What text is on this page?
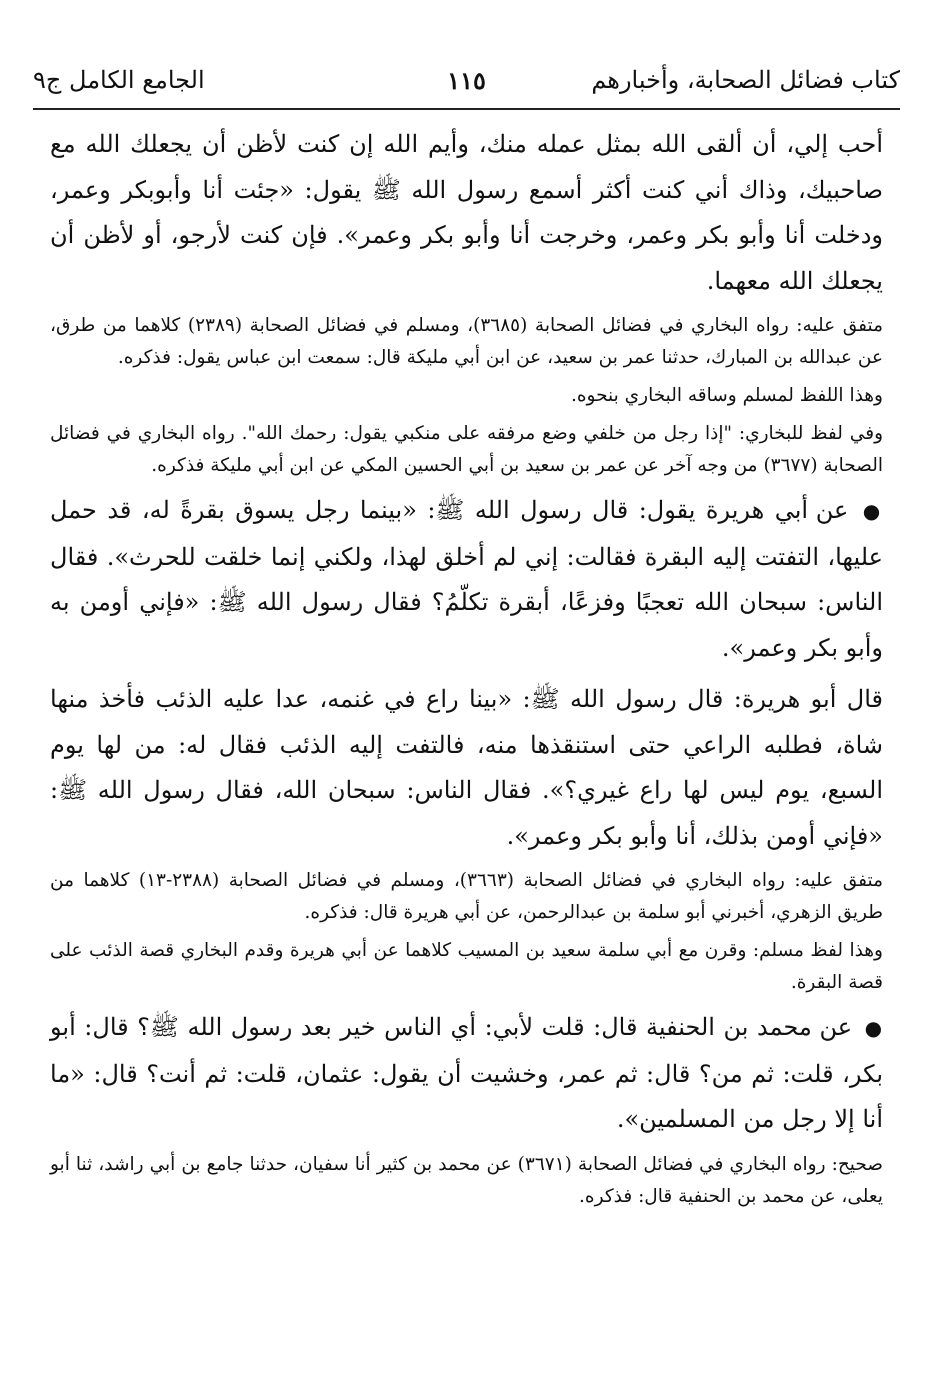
كتاب فضائل الصحابة، وأخبارهم
١١٥
الجامع الكامل ج٩

أحب إلي، أن ألقى الله بمثل عمله منك، وأيم الله إن كنت لأظن أن يجعلك الله مع صاحبيك، وذاك أني كنت أكثر أسمع رسول الله ﷺ يقول: «جئت أنا وأبوبكر وعمر، ودخلت أنا وأبو بكر وعمر، وخرجت أنا وأبو بكر وعمر». فإن كنت لأرجو، أو لأظن أن يجعلك الله معهما.

متفق عليه: رواه البخاري في فضائل الصحابة (٣٦٨٥)، ومسلم في فضائل الصحابة (٢٣٨٩) كلاهما من طرق، عن عبدالله بن المبارك، حدثنا عمر بن سعيد، عن ابن أبي مليكة قال: سمعت ابن عباس يقول: فذكره.

وهذا اللفظ لمسلم وساقه البخاري بنحوه.

وفي لفظ للبخاري: "إذا رجل من خلفي وضع مرفقه على منكبي يقول: رحمك الله". رواه البخاري في فضائل الصحابة (٣٦٧٧) من وجه آخر عن عمر بن سعيد بن أبي الحسين المكي عن ابن أبي مليكة فذكره.

● عن أبي هريرة يقول: قال رسول الله ﷺ: «بينما رجل يسوق بقرةً له، قد حمل عليها، التفتت إليه البقرة فقالت: إني لم أخلق لهذا، ولكني إنما خلقت للحرث». فقال الناس: سبحان الله تعجبًا وفزعًا، أبقرة تكلّمُ؟ فقال رسول الله ﷺ: «فإني أومن به وأبو بكر وعمر».

قال أبو هريرة: قال رسول الله ﷺ: «بينا راع في غنمه، عدا عليه الذئب فأخذ منها شاة، فطلبه الراعي حتى استنقذها منه، فالتفت إليه الذئب فقال له: من لها يوم السبع، يوم ليس لها راع غيري؟». فقال الناس: سبحان الله، فقال رسول الله ﷺ: «فإني أومن بذلك، أنا وأبو بكر وعمر».

متفق عليه: رواه البخاري في فضائل الصحابة (٣٦٦٣)، ومسلم في فضائل الصحابة (٢٣٨٨-١٣) كلاهما من طريق الزهري، أخبرني أبو سلمة بن عبدالرحمن، عن أبي هريرة قال: فذكره.

وهذا لفظ مسلم: وقرن مع أبي سلمة سعيد بن المسيب كلاهما عن أبي هريرة وقدم البخاري قصة الذئب على قصة البقرة.

● عن محمد بن الحنفية قال: قلت لأبي: أي الناس خير بعد رسول الله ﷺ؟ قال: أبو بكر، قلت: ثم من؟ قال: ثم عمر، وخشيت أن يقول: عثمان، قلت: ثم أنت؟ قال: «ما أنا إلا رجل من المسلمين».

صحيح: رواه البخاري في فضائل الصحابة (٣٦٧١) عن محمد بن كثير أنا سفيان، حدثنا جامع بن أبي راشد، ثنا أبو يعلى، عن محمد بن الحنفية قال: فذكره.
